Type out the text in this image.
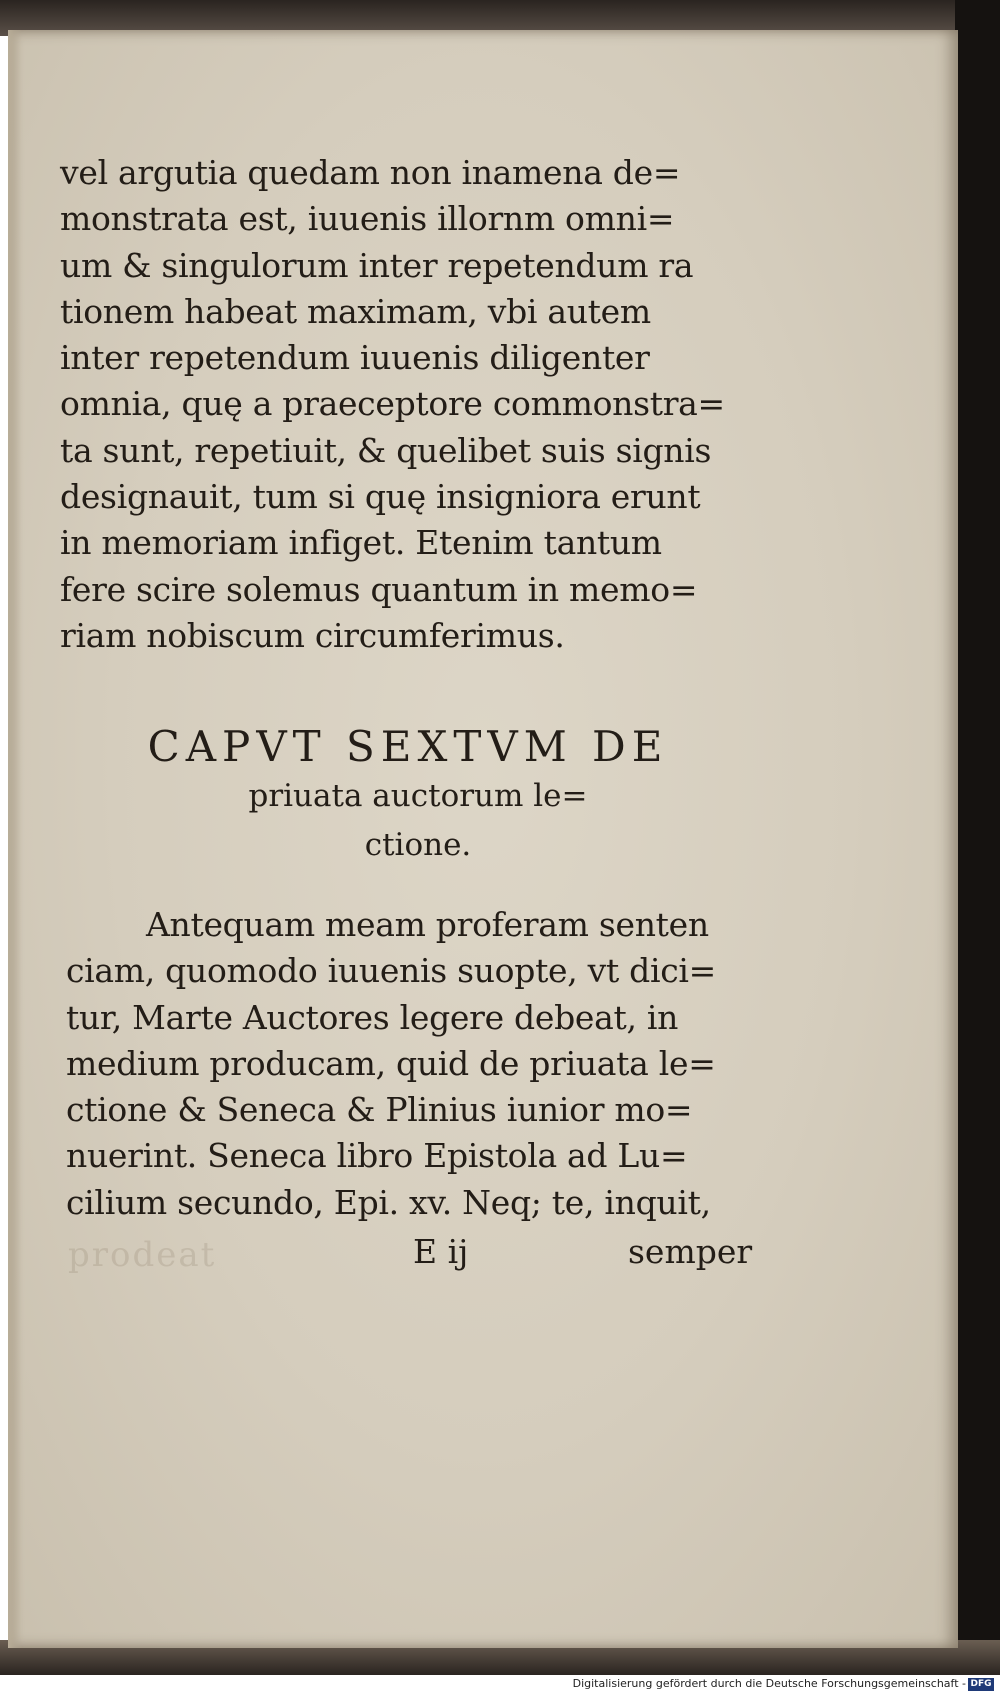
prodeat
vel argutia quedam non inamena de=
monstrata est, iuuenis illornm omni=
um & singulorum inter repetendum ra
tionem habeat maximam, vbi autem
inter repetendum iuuenis diligenter
omnia, quę a praeceptore commonstra=
ta sunt, repetiuit, & quelibet suis signis
designauit, tum si quę insigniora erunt
in memoriam infiget. Etenim tantum
fere scire solemus quantum in memo=
riam nobiscum circumferimus.
CAPVT SEXTVM DE
priuata auctorum le=
ctione.
Antequam meam proferam senten
ciam, quomodo iuuenis suopte, vt dici=
tur, Marte Auctores legere debeat, in
medium producam, quid de priuata le=
ctione & Seneca & Plinius iunior mo=
nuerint. Seneca libro Epistola ad Lu=
cilium secundo, Epi. xv. Neq; te, inquit,
E ij	semper
Digitalisierung gefördert durch die Deutsche Forschungsgemeinschaft - DFG
